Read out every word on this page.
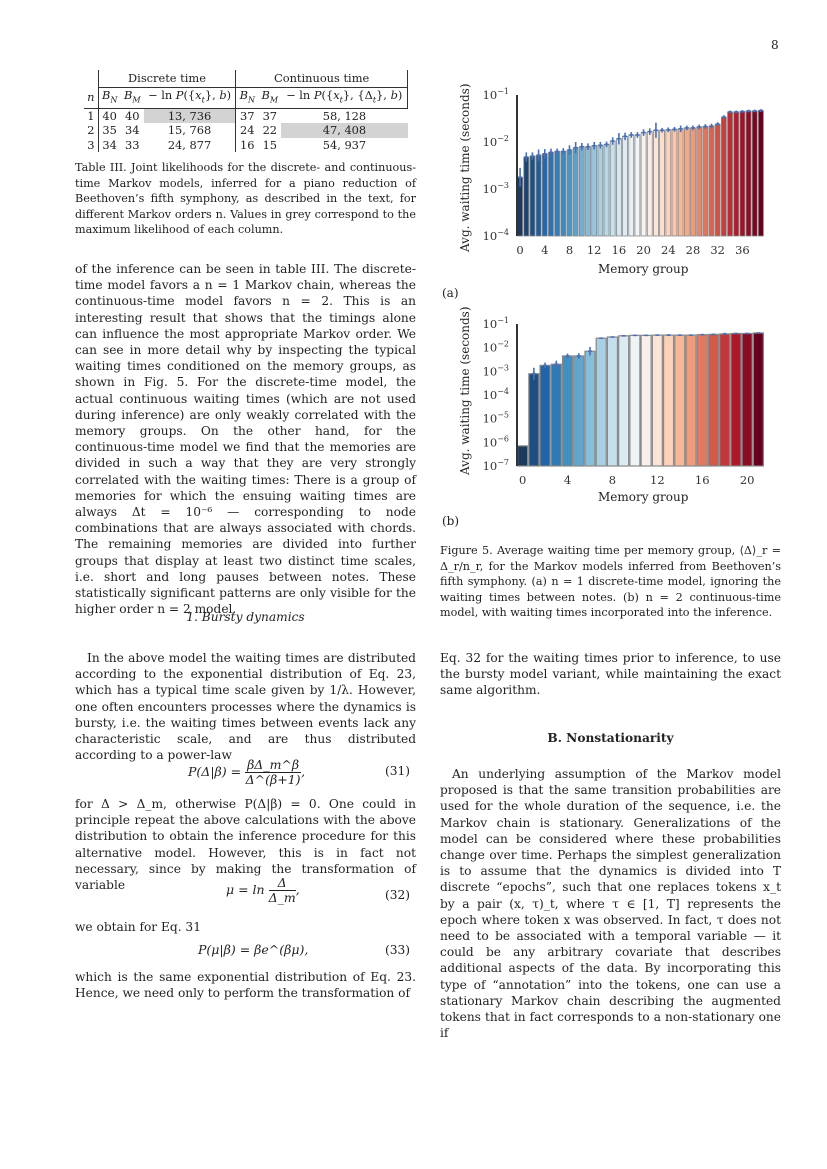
8
	Discrete time			Continuous time		
n	$B_N$	$B_M$	− $\ln P(\{x_t\}$, b)	$B_N$	$B_M$	− $\ln P(\{x_t\}$, $\{\Delta_t\}$, b)
1	40	40	13, 736	37	37	58, 128
2	35	34	15, 768	24	22	47, 408
3	34	33	24, 877	16	15	54, 937
Table III. Joint likelihoods for the discrete- and continuous-time Markov models, inferred for a piano reduction of Beethoven’s fifth symphony, as described in the text, for different Markov orders n. Values in grey correspond to the maximum likelihood of each column.

of the inference can be seen in table III. The discrete-time model favors a n = 1 Markov chain, whereas the continuous-time model favors n = 2. This is an interesting result that shows that the timings alone can influence the most appropriate Markov order. We can see in more detail why by inspecting the typical waiting times conditioned on the memory groups, as shown in Fig. 5. For the discrete-time model, the actual continuous waiting times (which are not used during inference) are only weakly correlated with the memory groups. On the other hand, for the continuous-time model we find that the memories are divided in such a way that they are very strongly correlated with the waiting times: There is a group of memories for which the ensuing waiting times are always Δt = 10⁻⁶ — corresponding to node combinations that are always associated with chords. The remaining memories are divided into further groups that display at least two distinct time scales, i.e. short and long pauses between notes. These statistically significant patterns are only visible for the higher order n = 2 model.

1. Bursty dynamics

In the above model the waiting times are distributed according to the exponential distribution of Eq. 23, which has a typical time scale given by 1/λ. However, one often encounters processes where the dynamics is bursty, i.e. the waiting times between events lack any characteristic scale, and are thus distributed according to a power-law

$P(\Delta|\beta) = \frac{\beta\Delta\_m\^{}\beta}{\Delta\^{}(\beta+1)}$ ,	(31)

for Δ > Δ_m, otherwise P(Δ|β) = 0. One could in principle repeat the above calculations with the above distribution to obtain the inference procedure for this alternative model. However, this is in fact not necessary, since by making the transformation of variable	$\mu = \ln \frac{\Delta}{\Delta\_m}$ ,	(32)

we obtain for Eq. 31

P(μ|β) = βe^(βμ),	(33)

which is the same exponential distribution of Eq. 23. Hence, we need only to perform the transformation of

$10^{-4}$
$10^{-3}$
$10^{-2}$
$10^{-1}$
0 4 8 12 16 20 24 28 32 36
Avg. waiting time (seconds)
Memory group
(a)
$10^{-7}$
$10^{-6}$
$10^{-5}$
$10^{-4}$
$10^{-3}$
$10^{-2}$
$10^{-1}$
0	4	8	12	16	20
Avg. waiting time (seconds)
Memory group
(b)
Figure 5. Average waiting time per memory group, ⟨Δ⟩_r = Δ_r/n_r, for the Markov models inferred from Beethoven’s fifth symphony. (a) n = 1 discrete-time model, ignoring the waiting times between notes. (b) n = 2 continuous-time model, with waiting times incorporated into the inference.

Eq. 32 for the waiting times prior to inference, to use the bursty model variant, while maintaining the exact same algorithm.

B. Nonstationarity

An underlying assumption of the Markov model proposed is that the same transition probabilities are used for the whole duration of the sequence, i.e. the Markov chain is stationary. Generalizations of the model can be considered where these probabilities change over time. Perhaps the simplest generalization is to assume that the dynamics is divided into T discrete “epochs”, such that one replaces tokens x_t by a pair (x, τ)_t, where τ ∈ [1, T] represents the epoch where token x was observed. In fact, τ does not need to be associated with a temporal variable — it could be any arbitrary covariate that describes additional aspects of the data. By incorporating this type of “annotation” into the tokens, one can use a stationary Markov chain describing the augmented tokens that in fact corresponds to a non-stationary one if
